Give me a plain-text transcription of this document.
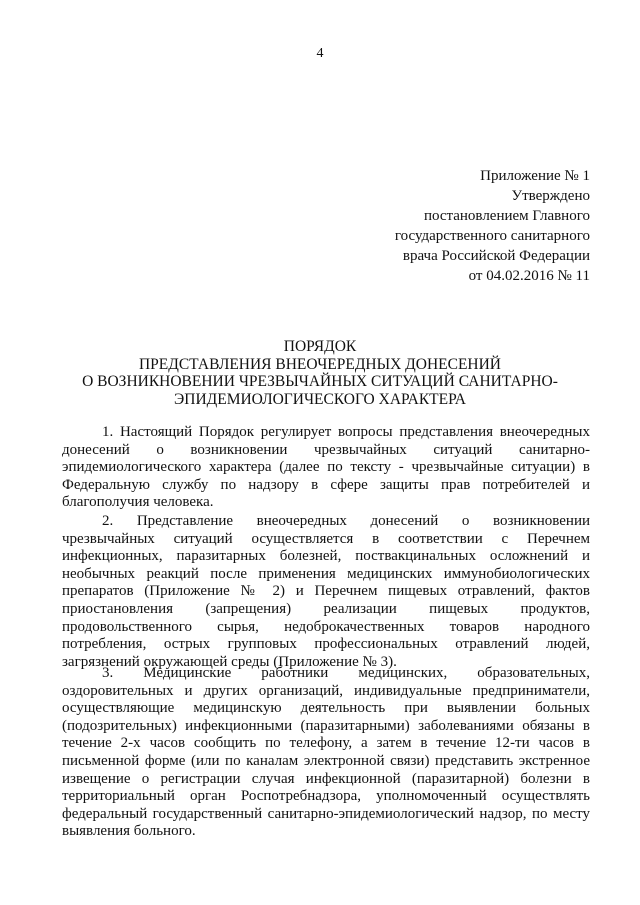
4
Приложение № 1
Утверждено
постановлением Главного
государственного санитарного
врача Российской Федерации
от 04.02.2016 № 11
ПОРЯДОК
ПРЕДСТАВЛЕНИЯ ВНЕОЧЕРЕДНЫХ ДОНЕСЕНИЙ
О ВОЗНИКНОВЕНИИ ЧРЕЗВЫЧАЙНЫХ СИТУАЦИЙ САНИТАРНО-
ЭПИДЕМИОЛОГИЧЕСКОГО ХАРАКТЕРА
1. Настоящий Порядок регулирует вопросы представления внеочередных
донесений о возникновении чрезвычайных ситуаций санитарно-
эпидемиологического характера (далее по тексту - чрезвычайные ситуации) в
Федеральную службу по надзору в сфере защиты прав потребителей и
благополучия человека.
2. Представление внеочередных донесений о возникновении
чрезвычайных ситуаций осуществляется в соответствии с Перечнем
инфекционных, паразитарных болезней, поствакцинальных осложнений и
необычных реакций после применения медицинских иммунобиологических
препаратов (Приложение № 2) и Перечнем пищевых отравлений, фактов
приостановления (запрещения) реализации пищевых продуктов,
продовольственного сырья, недоброкачественных товаров народного
потребления, острых групповых профессиональных отравлений людей,
загрязнений окружающей среды (Приложение № 3).
3. Медицинские работники медицинских, образовательных,
оздоровительных и других организаций, индивидуальные предприниматели,
осуществляющие медицинскую деятельность при выявлении больных
(подозрительных) инфекционными (паразитарными) заболеваниями обязаны в
течение 2-х часов сообщить по телефону, а затем в течение 12-ти часов в
письменной форме (или по каналам электронной связи) представить экстренное
извещение о регистрации случая инфекционной (паразитарной) болезни в
территориальный орган Роспотребнадзора, уполномоченный осуществлять
федеральный государственный санитарно-эпидемиологический надзор, по месту
выявления больного.
